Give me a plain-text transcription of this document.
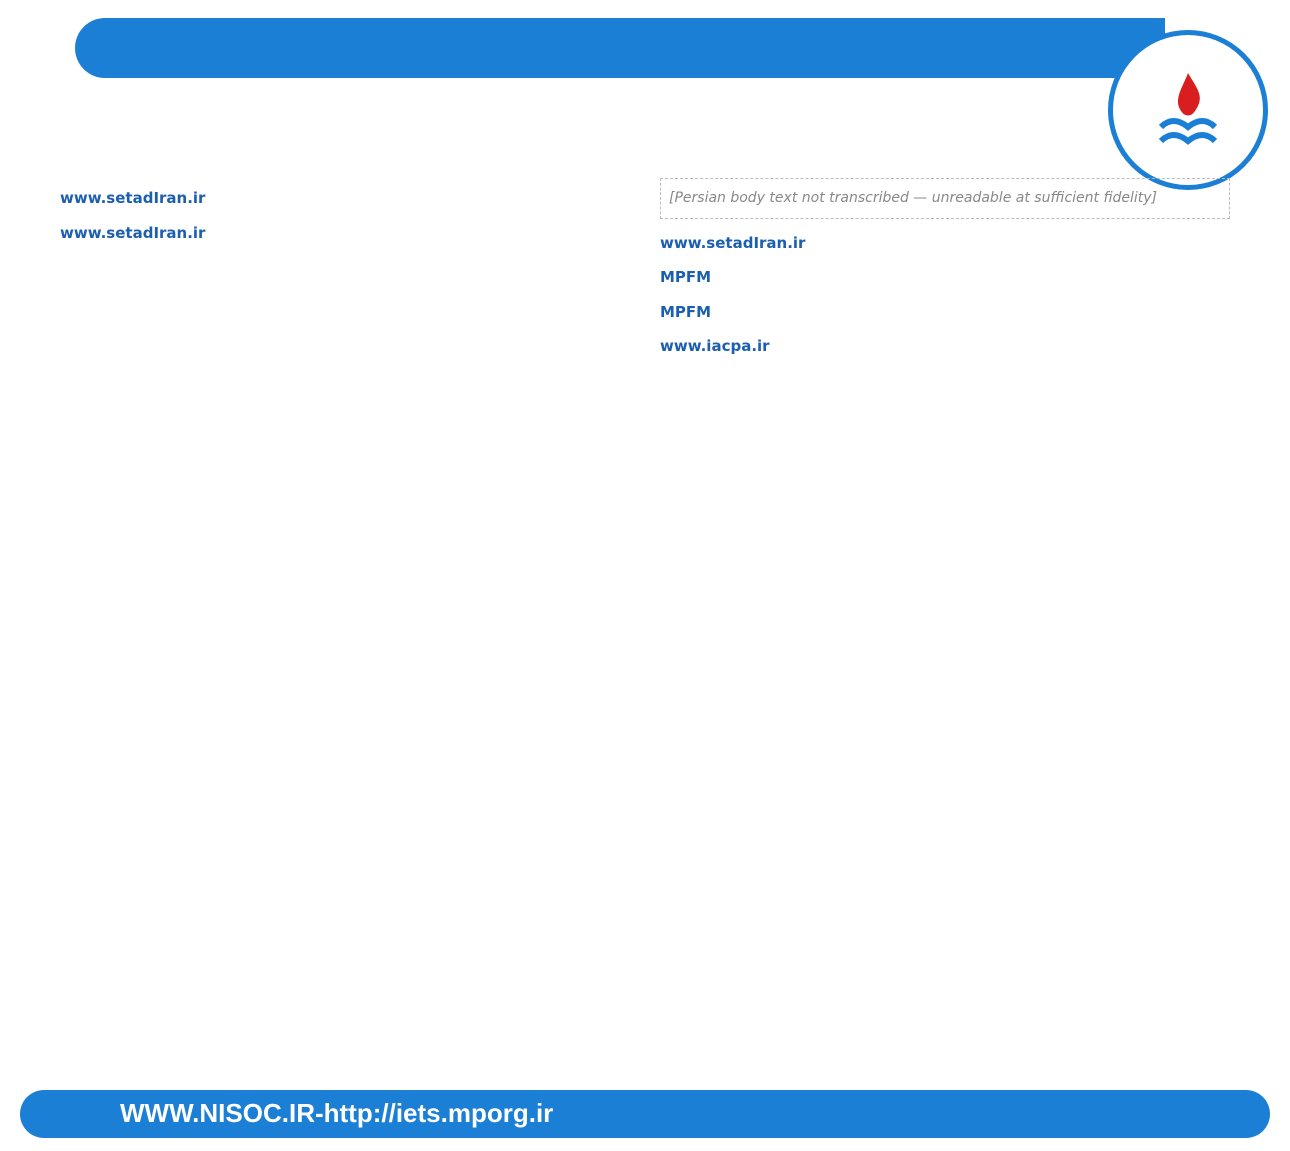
[Persian body text not transcribed — unreadable at sufficient fidelity]
www.setadIran.ir
MPFM
MPFM
www.iacpa.ir
www.setadIran.ir
www.setadIran.ir
WWW.NISOC.IR-http://iets.mporg.ir
